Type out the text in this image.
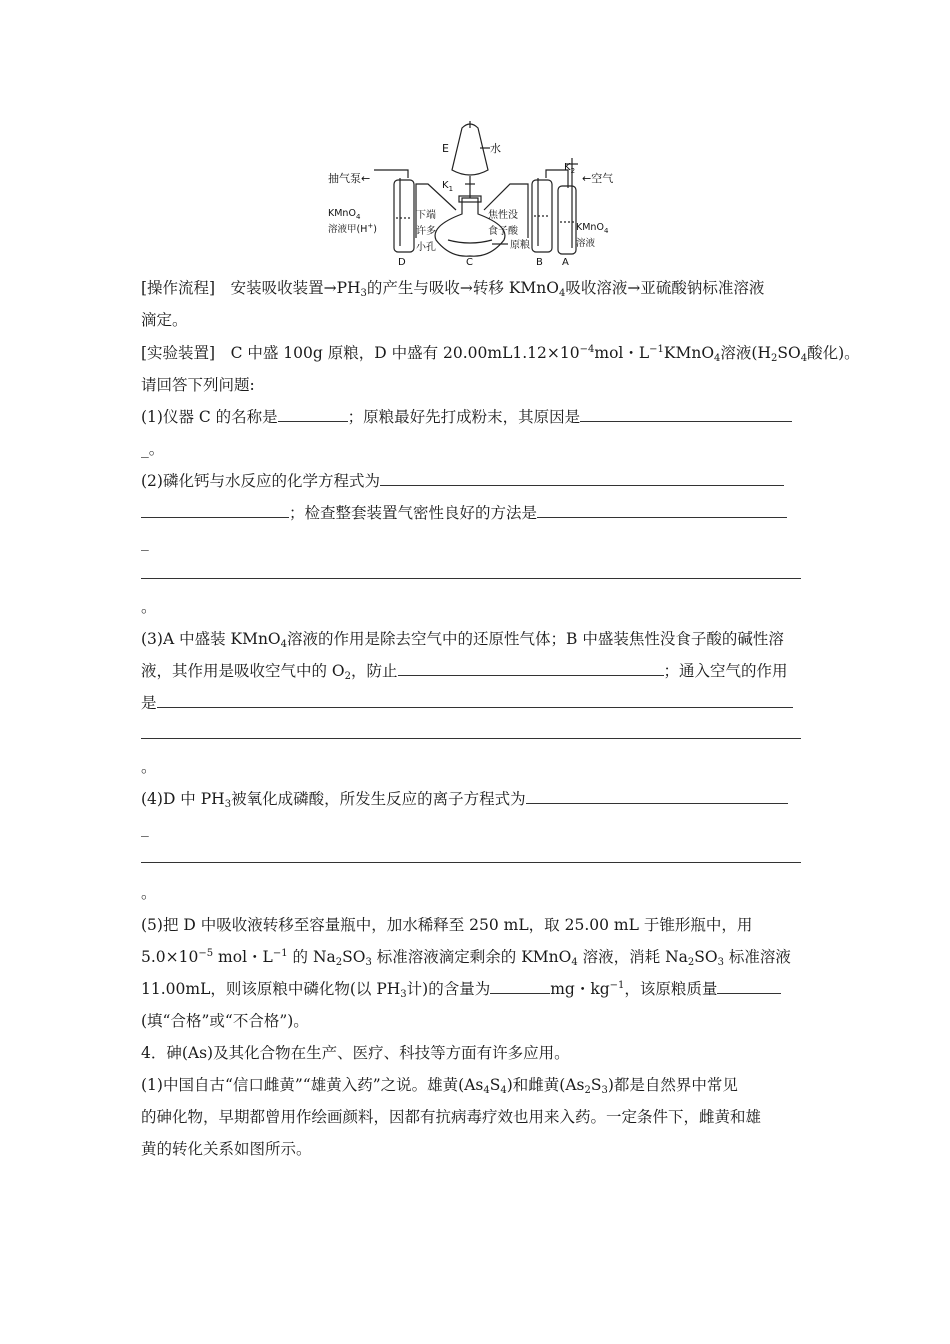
E	水
$K_1$
$K_2$
←空气
抽气泵←
KMnO$_4$
溶液甲(H+)
下端
许多
小孔
焦性没
食子酸
原粮
KMnO$_4$
溶液
D	C	B A
[操作流程]　安装吸收装置$\to PH_3$的产生与吸收→转移 KMnO$_4$吸收溶液→亚硫酸钠标准溶液
滴定。
[实验装置]　C 中盛 100g 原粮，D 中盛有 $20.00mL1.12\times 10^{-4}mol$・$L^{-1}KMnO_4$溶液($H_2SO_4$酸化)。
请回答下列问题:
(1)仪器 C 的名称是	；原粮最好先打成粉末，其原因是
_。
(2)磷化钙与水反应的化学方程式为
；检查整套装置气密性良好的方法是
_
。
(3)A 中盛装 KMnO$_4$溶液的作用是除去空气中的还原性气体；B 中盛装焦性没食子酸的碱性溶
液，其作用是吸收空气中的 $O_2$，防止	；通入空气的作用
是
。
(4)D 中 $PH_3$被氧化成磷酸，所发生反应的离子方程式为
_
。
(5)把 D 中吸收液转移至容量瓶中，加水稀释至 250 mL，取 25.00 mL 于锥形瓶中，用
$5.0\times 10^{-5}$ mol・$L^{-1}$ 的 $Na_2SO_3$ 标准溶液滴定剩余的 KMnO$_4$ 溶液，消耗 $Na_2SO_3$ 标准溶液
11.00mL，则该原粮中磷化物(以 $PH_3$计)的含量为	mg・$kg^{-1}$，该原粮质量
(填“合格”或“不合格”)。
4．砷(As)及其化合物在生产、医疗、科技等方面有许多应用。
(1)中国自古“信口雌黄”“雄黄入药”之说。雄黄$(As_4S_4)$和雌黄$(As_2S_3)$都是自然界中常见
的砷化物，早期都曾用作绘画颜料，因都有抗病毒疗效也用来入药。一定条件下，雌黄和雄
黄的转化关系如图所示。
